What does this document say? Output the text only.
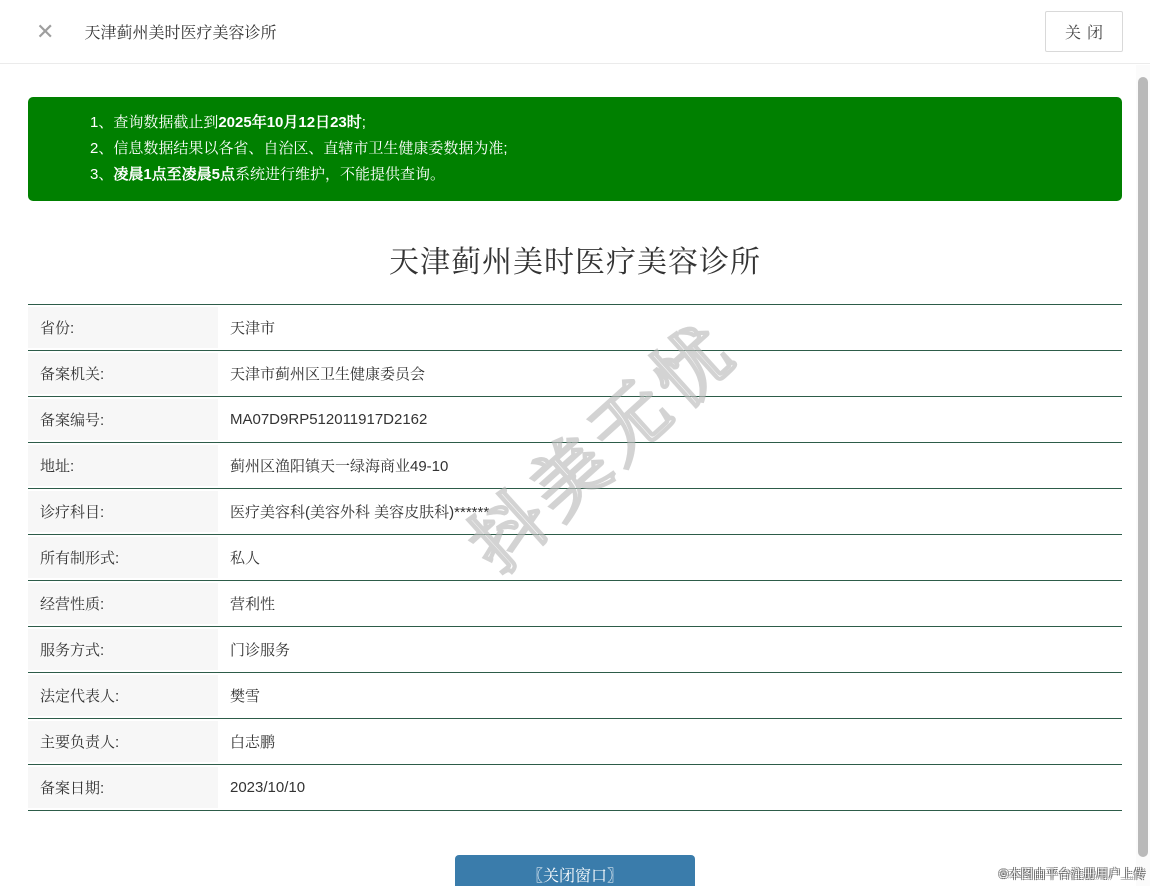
✕ 天津蓟州美时医疗美容诊所	关闭
1、查询数据截止到2025年10月12日23时;
2、信息数据结果以各省、自治区、直辖市卫生健康委数据为准;
3、凌晨1点至凌晨5点系统进行维护，不能提供查询。
天津蓟州美时医疗美容诊所
省份:	天津市
备案机关:	天津市蓟州区卫生健康委员会
备案编号:	MA07D9RP512011917D2162
地址:	蓟州区渔阳镇天一绿海商业49-10
诊疗科目:	医疗美容科(美容外科 美容皮肤科)******
所有制形式:	私人
经营性质:	营利性
服务方式:	门诊服务
法定代表人:	樊雪
主要负责人:	白志鹏
备案日期:	2023/10/10
〖关闭窗口〗
抖美无忧
©本图由平台注册用户上传
